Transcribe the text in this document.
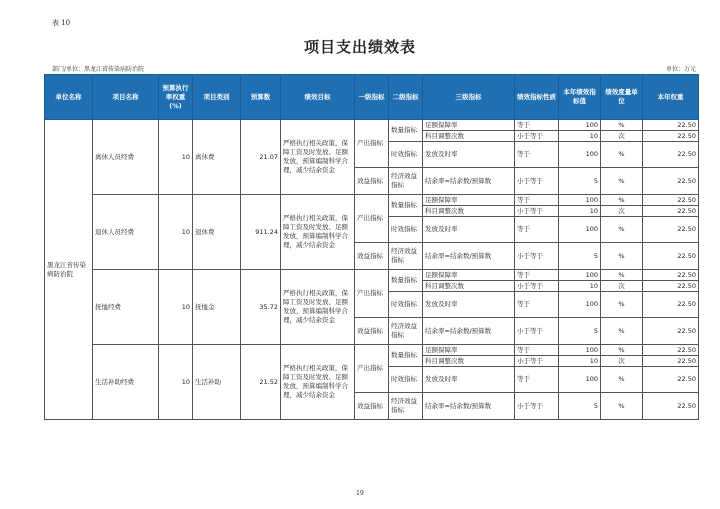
表 10
项目支出绩效表
部门/单位：黑龙江省传染病防治院	单位：万元
单位名称	项目名称	预算执行率权重(%)	项目类别	预算数	绩效目标	一级指标	二级指标	三级指标	绩效指标性质	本年绩效指标值	绩效度量单位	本年权重
黑龙江省传染病防治院	离休人员经费	10	离休费	21.07	严格执行相关政策，保障工资及时发放、足额发放，预算编制科学合理，减少结余资金	产出指标	数量指标	足额保障率	等于	100	%	22.50
								科目调整次数	小于等于	10	次	22.50
							时效指标	发放及时率	等于	100	%	22.50
						效益指标	经济效益指标	结余率=结余数/预算数	小于等于	5	%	22.50
	退休人员经费	10	退休费	911.24	严格执行相关政策，保障工资及时发放、足额发放，预算编制科学合理，减少结余资金	产出指标	数量指标	足额保障率	等于	100	%	22.50
								科目调整次数	小于等于	10	次	22.50
							时效指标	发放及时率	等于	100	%	22.50
						效益指标	经济效益指标	结余率=结余数/预算数	小于等于	5	%	22.50
	抚恤经费	10	抚恤金	35.72	严格执行相关政策，保障工资及时发放、足额发放，预算编制科学合理，减少结余资金	产出指标	数量指标	足额保障率	等于	100	%	22.50
								科目调整次数	小于等于	10	次	22.50
							时效指标	发放及时率	等于	100	%	22.50
						效益指标	经济效益指标	结余率=结余数/预算数	小于等于	5	%	22.50
	生活补助经费	10	生活补助	21.52	严格执行相关政策，保障工资及时发放、足额发放，预算编制科学合理，减少结余资金	产出指标	数量指标	足额保障率	等于	100	%	22.50
								科目调整次数	小于等于	10	次	22.50
							时效指标	发放及时率	等于	100	%	22.50
						效益指标	经济效益指标	结余率=结余数/预算数	小于等于	5	%	22.50
19
